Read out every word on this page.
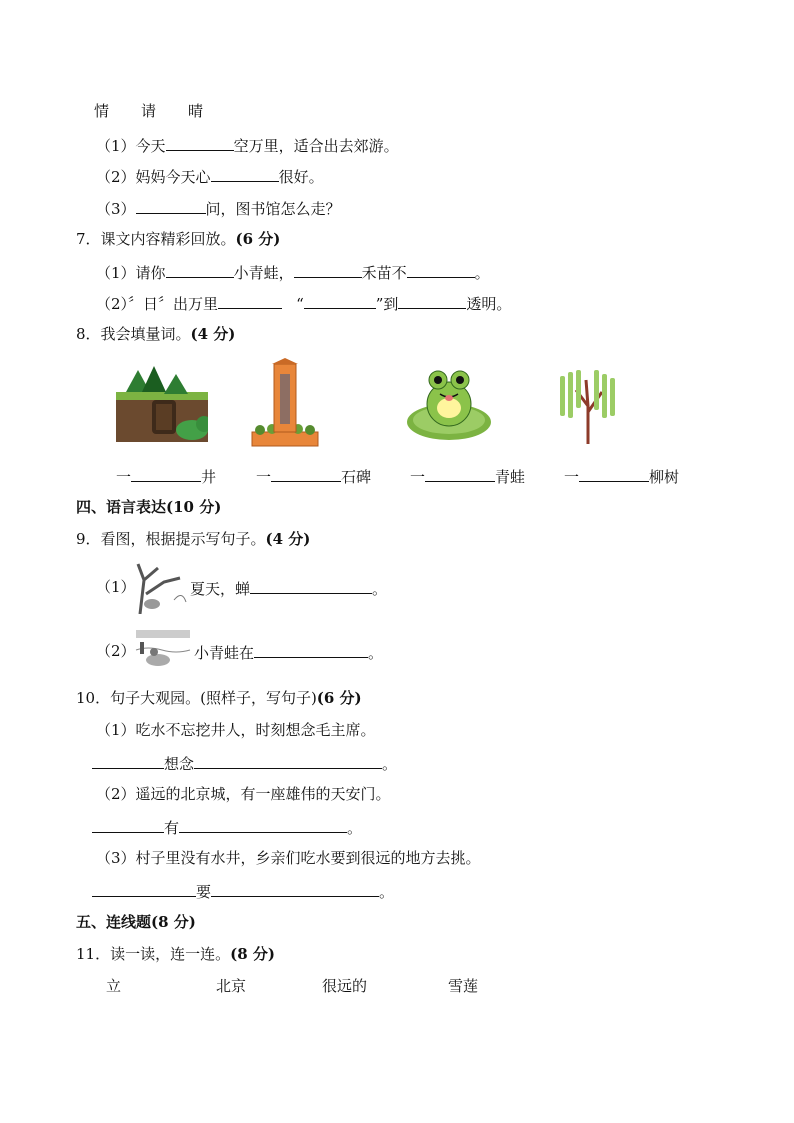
情 请 晴
（1）今天	空万里，适合出去郊游。
（2）妈妈今天心	很好。
（3）	问，图书馆怎么走？
7．课文内容精彩回放。(6 分)
（1）请你	小青蛙，	禾苗不	。
（2）〞日〞出万里	“	”到	透明。
8．我会填量词。(4 分)
一	井	一	石碑	一	青蛙	一	柳树
四、语言表达(10 分)
9．看图，根据提示写句子。(4 分)
（1）	夏天，蝉	。
（2）	小青蛙在	。
10．句子大观园。(照样子，写句子)(6 分)
（1）吃水不忘挖井人，时刻想念毛主席。
想念	。
（2）遥远的北京城，有一座雄伟的天安门。
有	。
（3）村子里没有水井，乡亲们吃水要到很远的地方去挑。
要	。
五、连线题(8 分)
11．读一读，连一连。(8 分)
立	北京	很远的	雪莲
